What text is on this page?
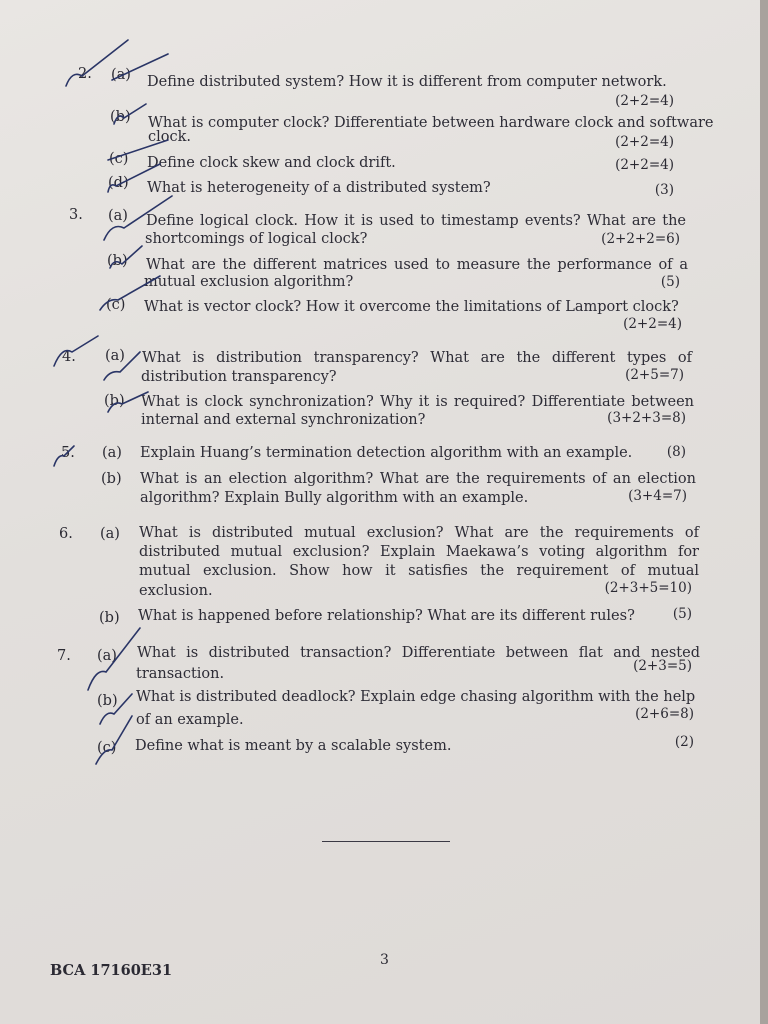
2. (a) Define distributed system? How it is different from computer network.
(2+2=4)
(b) What is computer clock? Differentiate between hardware clock and software
clock.	(2+2=4)
(c) Define clock skew and clock drift.	(2+2=4)
(d) What is heterogeneity of a distributed system?	(3)
3. (a) Define logical clock. How it is used to timestamp events? What are the
shortcomings of logical clock?	(2+2+2=6)
(b) What are the different matrices used to measure the performance of a
mutual exclusion algorithm?	(5)
(c) What is vector clock? How it overcome the limitations of Lamport clock?
(2+2=4)
4. (a) What is distribution transparency? What are the different types of
distribution transparency?	(2+5=7)
(b) What is clock synchronization? Why it is required? Differentiate between
internal and external synchronization?	(3+2+3=8)
5. (a) Explain Huang’s termination detection algorithm with an example.	(8)
(b) What is an election algorithm? What are the requirements of an election
algorithm? Explain Bully algorithm with an example.	(3+4=7)
6. (a) What is distributed mutual exclusion? What are the requirements of
distributed mutual exclusion? Explain Maekawa’s voting algorithm for
mutual exclusion. Show how it satisfies the requirement of mutual
exclusion.	(2+3+5=10)
(b) What is happened before relationship? What are its different rules?	(5)
7. (a) What is distributed transaction? Differentiate between flat and nested
transaction.	(2+3=5)
(b) What is distributed deadlock? Explain edge chasing algorithm with the help
of an example.	(2+6=8)
(c) Define what is meant by a scalable system.	(2)
3
BCA 17160E31
